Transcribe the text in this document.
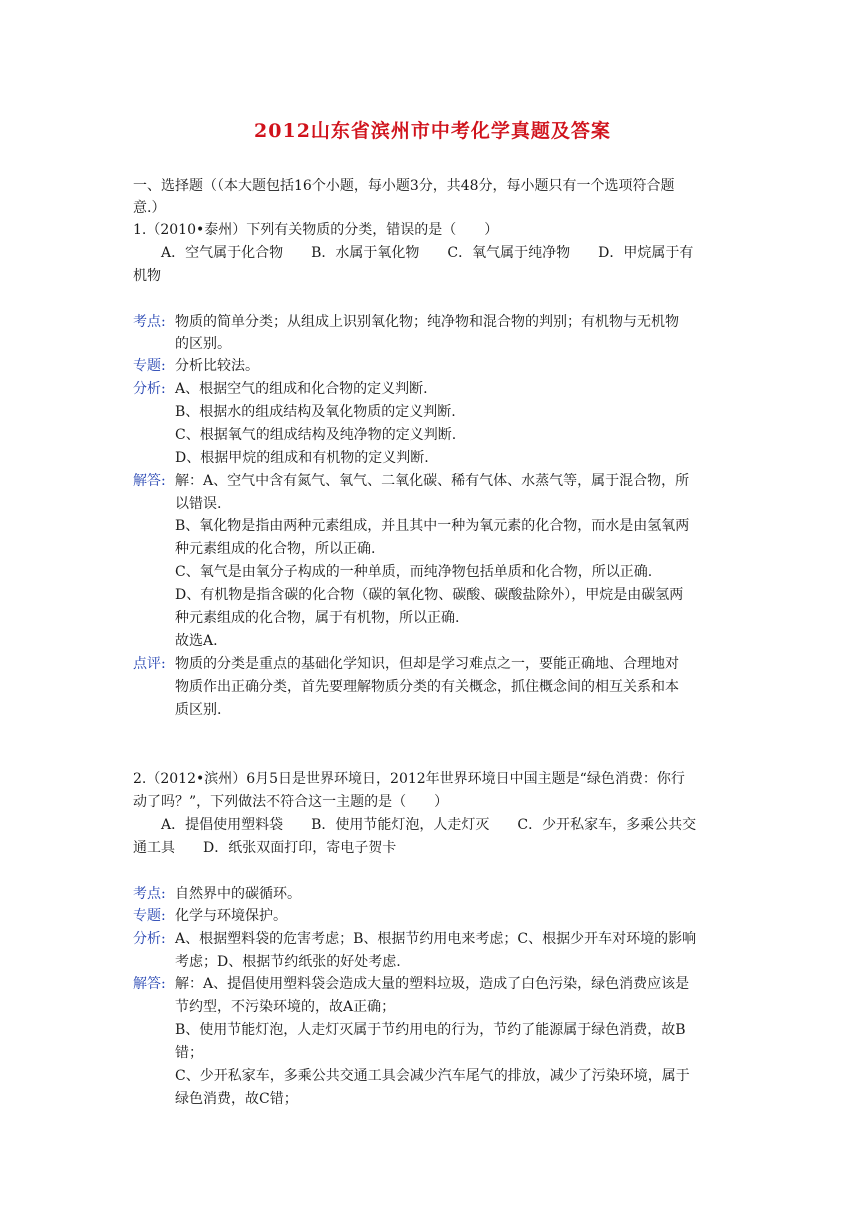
2012山东省滨州市中考化学真题及答案
一、选择题（（本大题包括16个小题，每小题3分，共48分，每小题只有一个选项符合题
意.）
1.（2010•泰州）下列有关物质的分类，错误的是（　　）
A．空气属于化合物　　B．水属于氧化物　　C．氧气属于纯净物　　D．甲烷属于有
机物
考点: 物质的简单分类；从组成上识别氧化物；纯净物和混合物的判别；有机物与无机物
的区别。
专题: 分析比较法。
分析: A、根据空气的组成和化合物的定义判断.
B、根据水的组成结构及氧化物质的定义判断.
C、根据氧气的组成结构及纯净物的定义判断.
D、根据甲烷的组成和有机物的定义判断.
解答: 解：A、空气中含有氮气、氧气、二氧化碳、稀有气体、水蒸气等，属于混合物，所
以错误.
B、氧化物是指由两种元素组成，并且其中一种为氧元素的化合物，而水是由氢氧两
种元素组成的化合物，所以正确.
C、氧气是由氧分子构成的一种单质，而纯净物包括单质和化合物，所以正确.
D、有机物是指含碳的化合物（碳的氧化物、碳酸、碳酸盐除外），甲烷是由碳氢两
种元素组成的化合物，属于有机物，所以正确.
故选A.
点评: 物质的分类是重点的基础化学知识，但却是学习难点之一，要能正确地、合理地对
物质作出正确分类，首先要理解物质分类的有关概念，抓住概念间的相互关系和本
质区别.
2.（2012•滨州）6月5日是世界环境日，2012年世界环境日中国主题是“绿色消费：你行
动了吗？”，下列做法不符合这一主题的是（　　）
A．提倡使用塑料袋　　B．使用节能灯泡，人走灯灭　　C．少开私家车，多乘公共交
通工具　　D．纸张双面打印，寄电子贺卡
考点: 自然界中的碳循环。
专题: 化学与环境保护。
分析: A、根据塑料袋的危害考虑；B、根据节约用电来考虑；C、根据少开车对环境的影响
考虑；D、根据节约纸张的好处考虑.
解答: 解：A、提倡使用塑料袋会造成大量的塑料垃圾，造成了白色污染，绿色消费应该是
节约型，不污染环境的，故A正确；
B、使用节能灯泡，人走灯灭属于节约用电的行为，节约了能源属于绿色消费，故B
错；
C、少开私家车，多乘公共交通工具会减少汽车尾气的排放，减少了污染环境，属于
绿色消费，故C错；
